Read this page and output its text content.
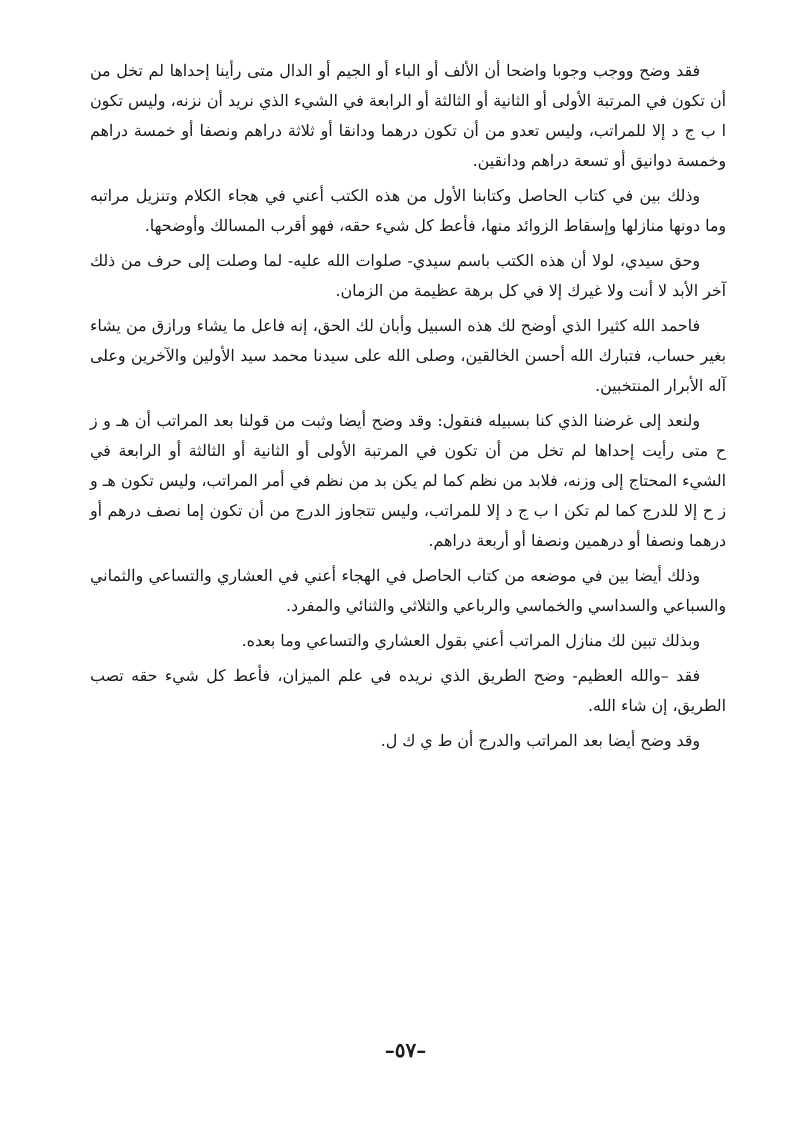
فقد وضح ووجب وجوبا واضحا أن الألف أو الباء أو الجيم أو الدال متى رأينا إحداها لم تخل من أن تكون في المرتبة الأولى أو الثانية أو الثالثة أو الرابعة في الشيء الذي نريد أن نزنه، وليس تكون ا ب ج د إلا للمراتب، وليس تعدو من أن تكون درهما ودانقا أو ثلاثة دراهم ونصفا أو خمسة دراهم وخمسة دوانيق أو تسعة دراهم ودانقين.

وذلك بين في كتاب الحاصل وكتابنا الأول من هذه الكتب أعني في هجاء الكلام وتنزيل مراتبه وما دونها منازلها وإسقاط الزوائد منها، فأعط كل شيء حقه، فهو أقرب المسالك وأوضحها.

وحق سيدي، لولا أن هذه الكتب باسم سيدي- صلوات الله عليه- لما وصلت إلى حرف من ذلك آخر الأبد لا أنت ولا غيرك إلا في كل برهة عظيمة من الزمان.

فاحمد الله كثيرا الذي أوضح لك هذه السبيل وأبان لك الحق، إنه فاعل ما يشاء ورازق من يشاء بغير حساب، فتبارك الله أحسن الخالقين، وصلى الله على سيدنا محمد سيد الأولين والآخرين وعلى آله الأبرار المنتخبين.

ولنعد إلى غرضنا الذي كنا بسبيله فنقول: وقد وضح أيضا وثبت من قولنا بعد المراتب أن هـ و ز ح متى رأيت إحداها لم تخل من أن تكون في المرتبة الأولى أو الثانية أو الثالثة أو الرابعة في الشيء المحتاج إلى وزنه، فلابد من نظم كما لم يكن بد من نظم في أمر المراتب، وليس تكون هـ و ز ح إلا للدرج كما لم تكن ا ب ج د إلا للمراتب، وليس تتجاوز الدرج من أن تكون إما نصف درهم أو درهما ونصفا أو درهمين ونصفا أو أربعة دراهم.

وذلك أيضا بين في موضعه من كتاب الحاصل في الهجاء أعني في العشاري والتساعي والثماني والسباعي والسداسي والخماسي والرباعي والثلاثي والثنائي والمفرد.

وبذلك تبين لك منازل المراتب أعني بقول العشاري والتساعي وما بعده.

فقد –والله العظيم- وضح الطريق الذي نريده في علم الميزان، فأعط كل شيء حقه تصب الطريق، إن شاء الله.

وقد وضح أيضا بعد المراتب والدرج أن ط ي ك ل.

–٥٧–
